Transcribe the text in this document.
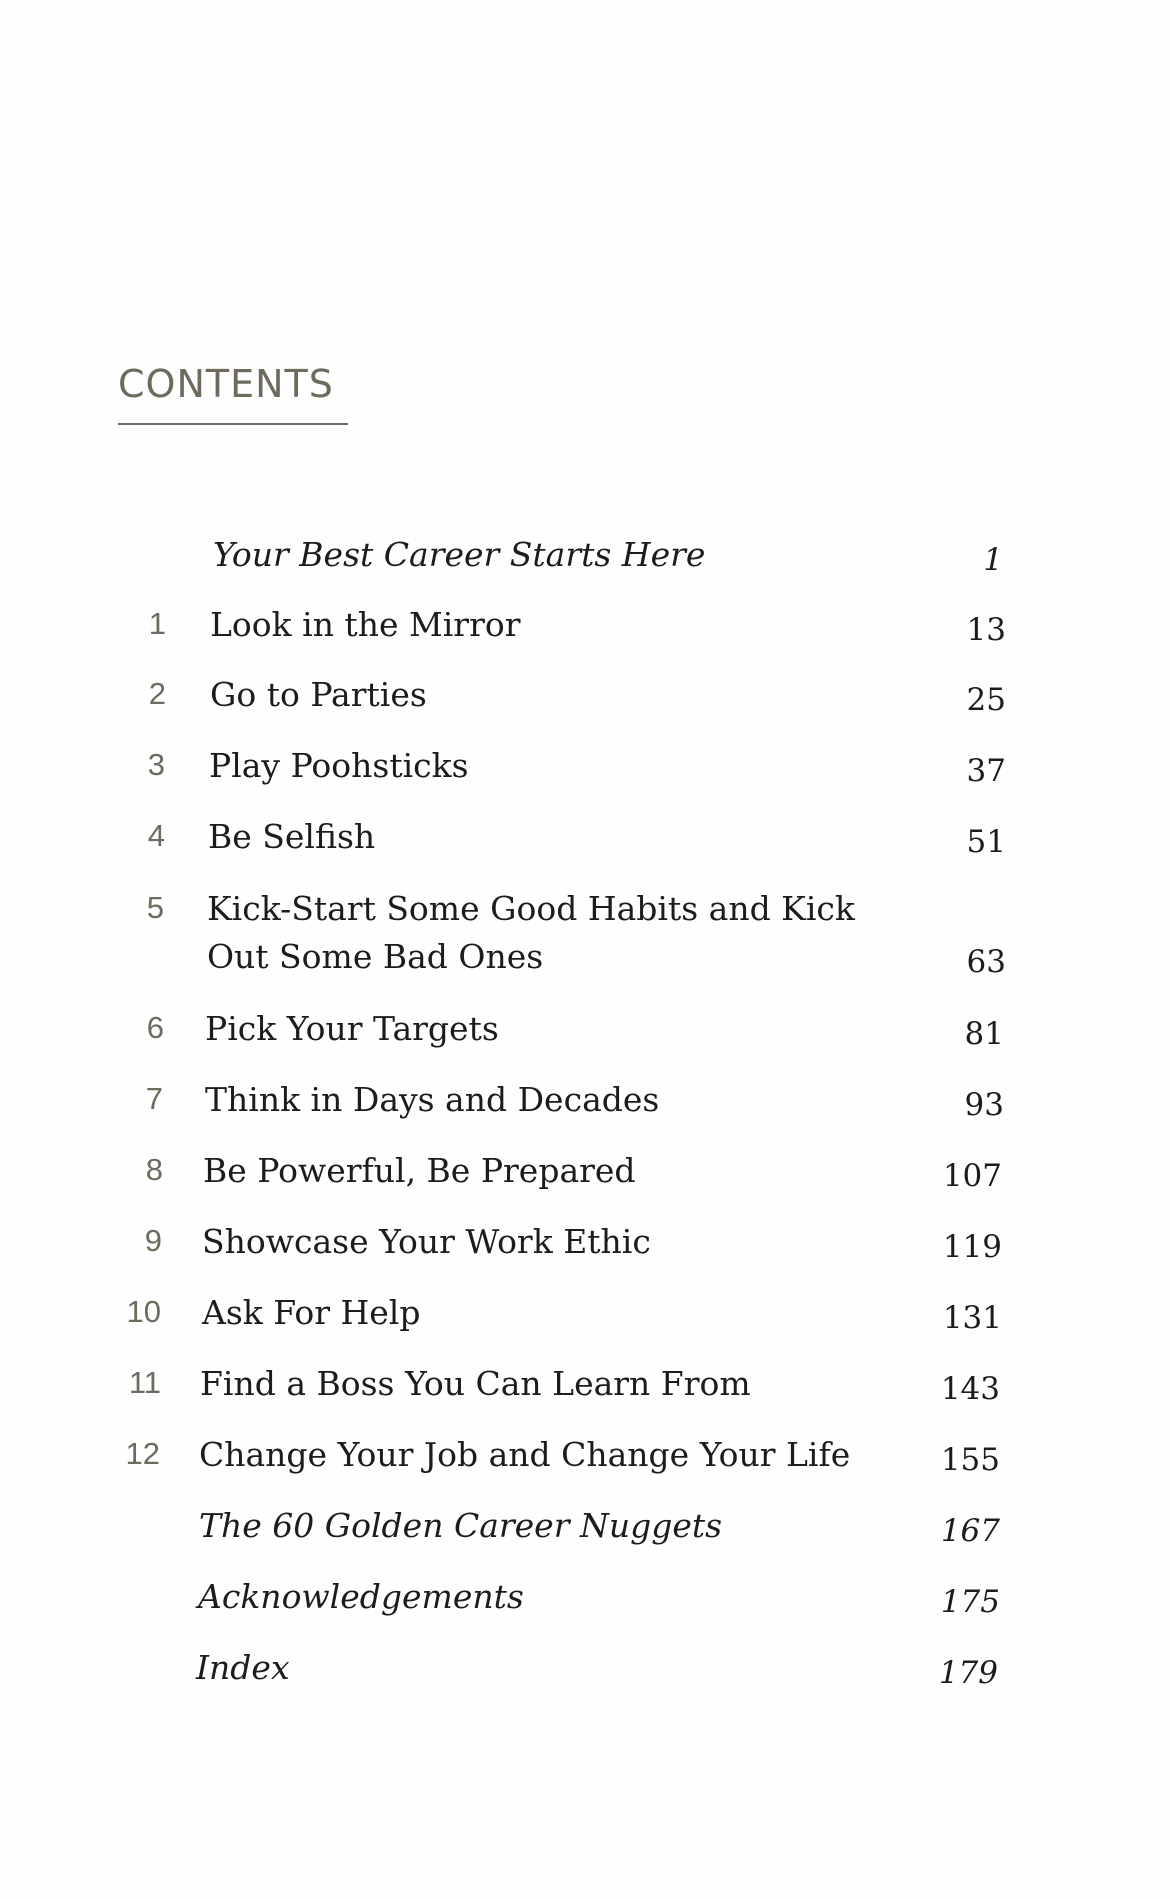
CONTENTS
Your Best Career Starts Here	1
1 Look in the Mirror	13
2 Go to Parties	25
3 Play Poohsticks	37
4 Be Selfish	51
5 Kick-Start Some Good Habits and Kick
Out Some Bad Ones	63
6 Pick Your Targets	81
7 Think in Days and Decades	93
8 Be Powerful, Be Prepared	107
9 Showcase Your Work Ethic	119
10 Ask For Help	131
11 Find a Boss You Can Learn From	143
12 Change Your Job and Change Your Life	155
The 60 Golden Career Nuggets	167
Acknowledgements	175
Index	179
